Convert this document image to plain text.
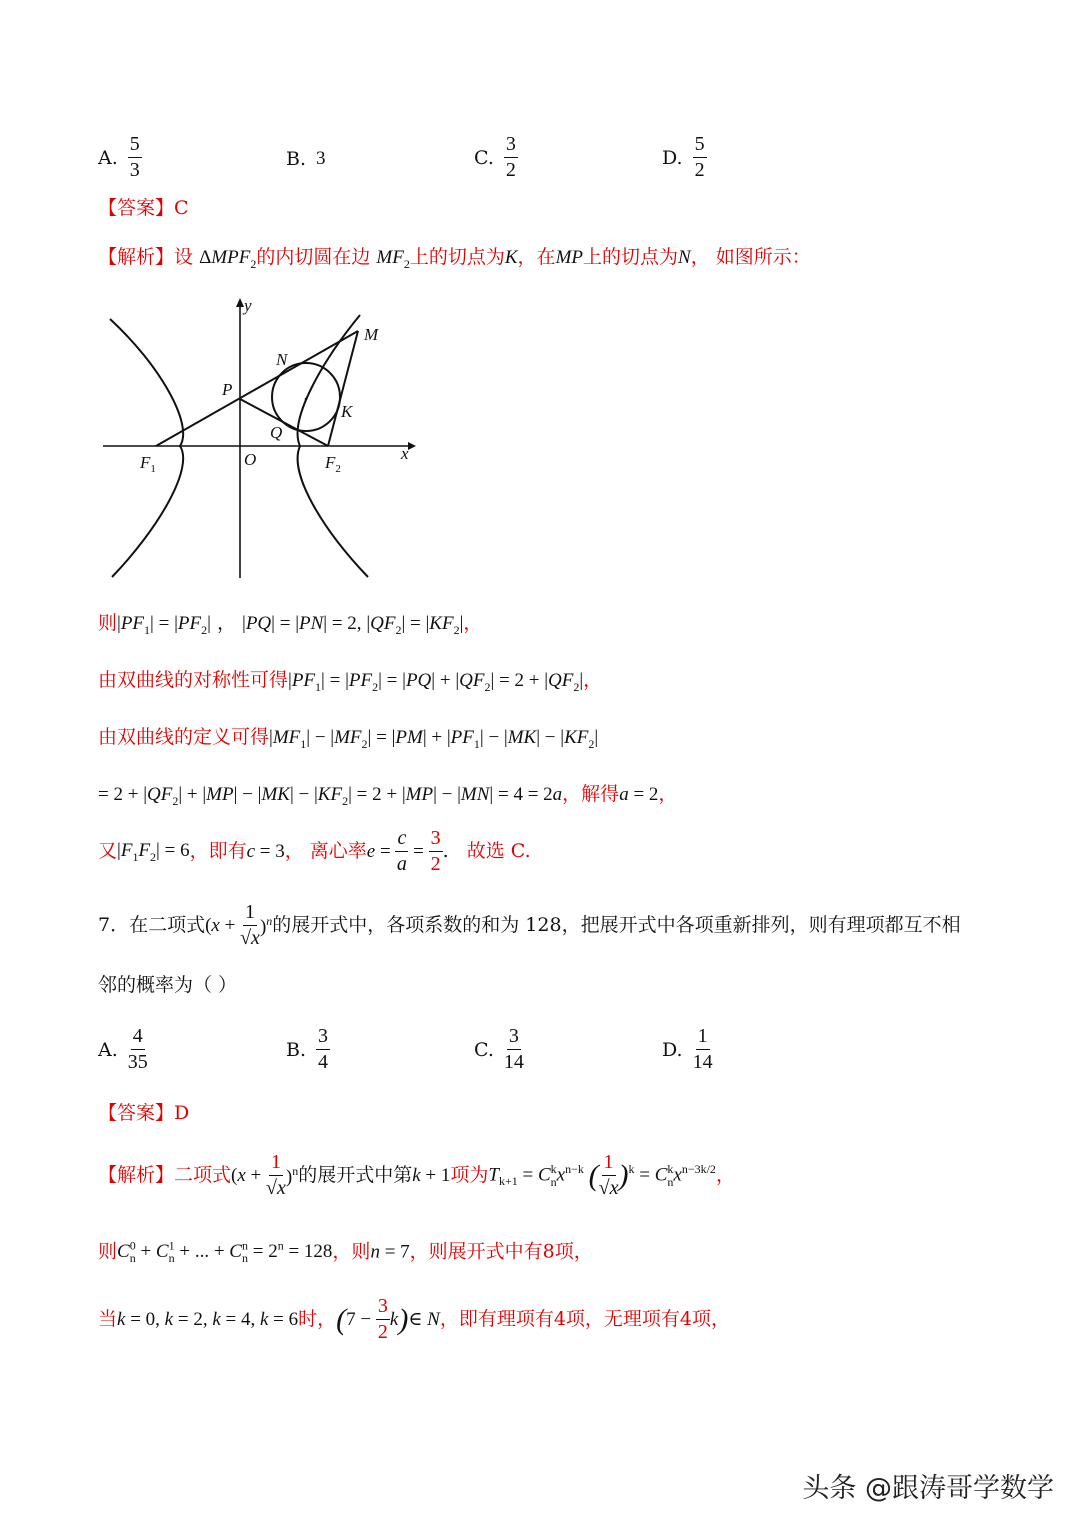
A. $\frac{5}{3}$	B. 3	C. $\frac{3}{2}$	D. $\frac{5}{2}$
【答案】C
【解析】设 $\Delta MPF_2$的内切圆在边 $MF_2$上的切点为K，在MP上的切点为N， 如图所示：
y
x
M
N
P
K
Q
$F_1$	O	$F_2$
则$|PF_1| = |PF_2|$ ， |PQ| = |PN| = 2, $|QF_2| = |KF_2|$，
由双曲线的对称性可得$|PF_1| = |PF_2| = |PQ| + |QF_2| = 2 + |QF_2|$，
由双曲线的定义可得$|MF_1| - |MF_2| = |PM| + |PF_1| - |MK| - |KF_2|$
= $2 + |QF_2| + |MP| - |MK| - |KF_2| = 2 + |MP| - |MN| = 4 = 2a$，解得a = 2，
又 $|F_1F_2| = 6$ ，即有 c = 3 ， 离心率 $e = \frac{c}{a} = \frac{3}{2}$ . 故选 C.
7．在二项式 $(x + \frac{1}{√x} )^n$ 的展开式中，各项系数的和为 128，把展开式中各项重新排列，则有理项都互不相
邻的概率为（ ）
A. $\frac{4}{35}$	B. $\frac{3}{4}$	C. $\frac{3}{14}$	D. $\frac{1}{14}$
【答案】D
【解析】 二项式 $(x + \frac{1}{√x} )^n$ 的展开式中第 k + 1 项为 $T_{k+1} = C^k_nx^{n-k}$ ( $\frac{1}{√x}$ ) $^k = C^k_nx^{n-3k/2}$ ，
则$C^0_n + C^1_n$ + ... + $C^n_n = 2^n = 128$，则n = 7，则展开式中有8项，
当 k = 0, k = 2, k = 4, k = 6 时， ( $7 - \frac{3}{2}$ k ) ∈ N ，即有理项有4项，无理项有4项，
头条 @跟涛哥学数学
